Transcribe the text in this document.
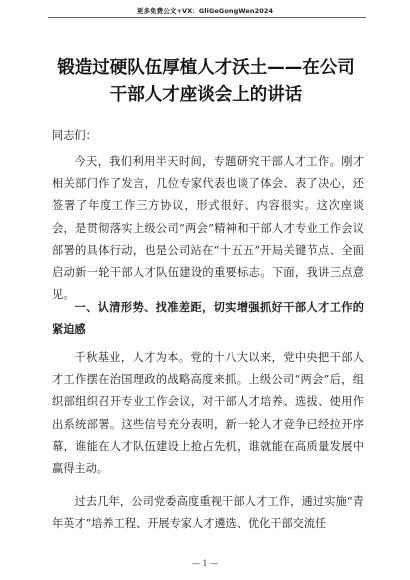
更多免费公文+VX：GliGeGongWen2024
锻造过硬队伍厚植人才沃土——在公司干部人才座谈会上的讲话
同志们：
今天，我们利用半天时间，专题研究干部人才工作。刚才相关部门作了发言，几位专家代表也谈了体会、表了决心，还签署了年度工作三方协议，形式很好、内容很实。这次座谈会，是贯彻落实上级公司“两会”精神和干部人才专业工作会议部署的具体行动，也是公司站在“十五五”开局关键节点、全面启动新一轮干部人才队伍建设的重要标志。下面，我讲三点意见。
一、认清形势、找准差距，切实增强抓好干部人才工作的紧迫感
千秋基业，人才为本。党的十八大以来，党中央把干部人才工作摆在治国理政的战略高度来抓。上级公司“两会”后，组织部组织召开专业工作会议，对干部人才培养、选拔、使用作出系统部署。这些信号充分表明，新一轮人才竞争已经拉开序幕，谁能在人才队伍建设上抢占先机，谁就能在高质量发展中赢得主动。
过去几年，公司党委高度重视干部人才工作，通过实施“青年英才”培养工程、开展专家人才遴选、优化干部交流任
— 1 —
